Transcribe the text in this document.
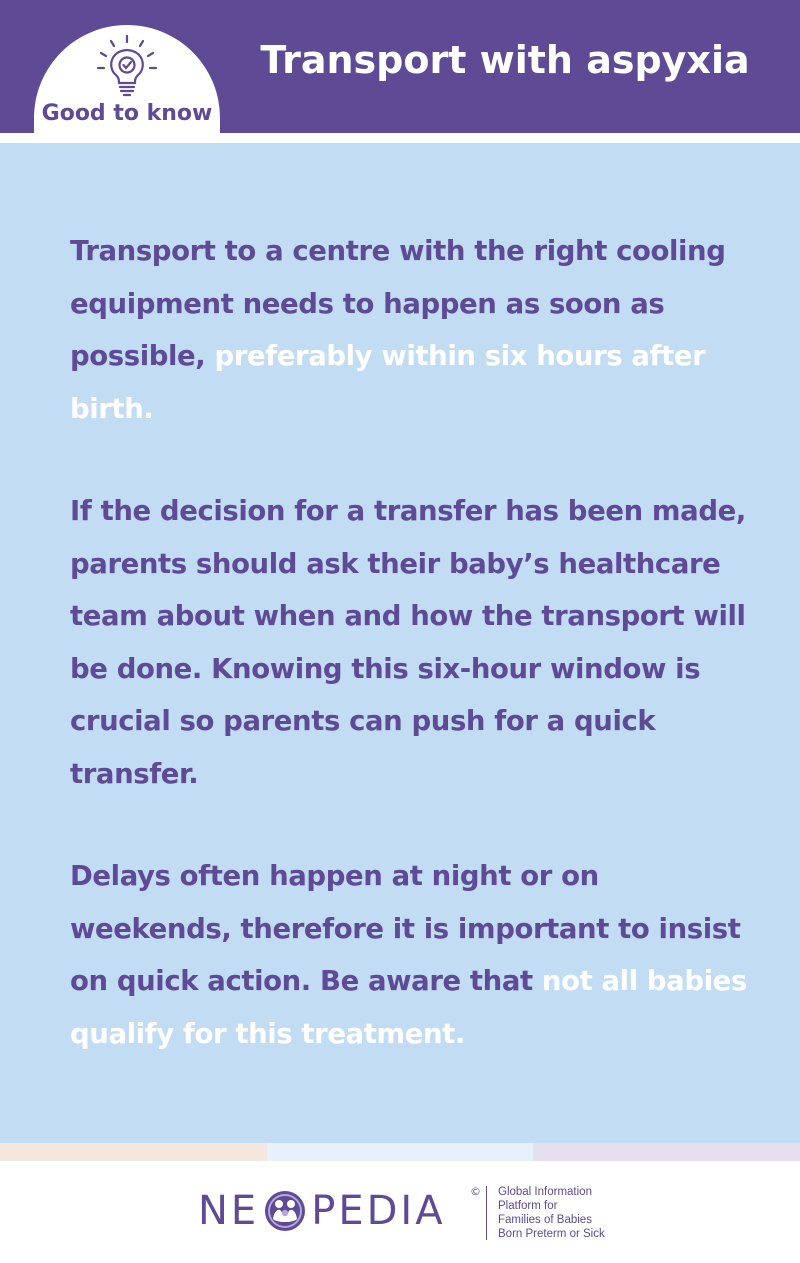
Good to know
Transport with aspyxia

Transport to a centre with the right cooling equipment needs to happen as soon as possible, preferably within six hours after birth.

If the decision for a transfer has been made, parents should ask their baby’s healthcare team about when and how the transport will be done. Knowing this six-hour window is crucial so parents can push for a quick transfer.

Delays often happen at night or on weekends, therefore it is important to insist on quick action. Be aware that not all babies qualify for this treatment.

NE PEDIA © Global Information
Platform for
Families of Babies
Born Preterm or Sick
